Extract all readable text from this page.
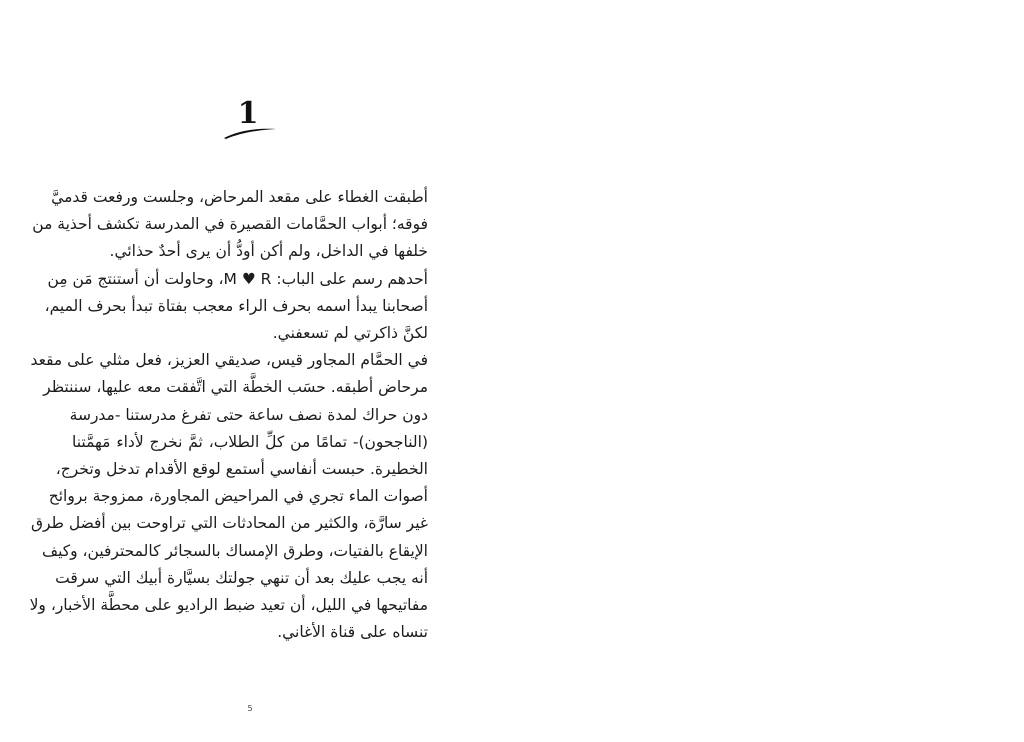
1
أطبقت الغطاء على مقعد المرحاض، وجلست ورفعت قدميَّ
فوقه؛ أبواب الحمَّامات القصيرة في المدرسة تكشف أحذية من
خلفها في الداخل، ولم أكن أودُّ أن يرى أحدٌ حذائي.
أحدهم رسم على الباب: M ♥ R، وحاولت أن أستنتج مَن مِن
أصحابنا يبدأ اسمه بحرف الراء معجب بفتاة تبدأ بحرف الميم،
لكنَّ ذاكرتي لم تسعفني.
في الحمَّام المجاور قيس، صديقي العزيز، فعل مثلي على مقعد
مرحاض أطبقه. حسَب الخطَّة التي اتَّفقت معه عليها، سننتظر
دون حراك لمدة نصف ساعة حتى تفرغ مدرستنا -مدرسة
(الناجحون)- تمامًا من كلِّ الطلاب، ثمَّ نخرج لأداء مَهمَّتنا
الخطيرة. حبست أنفاسي أستمع لوقع الأقدام تدخل وتخرج،
أصوات الماء تجري في المراحيض المجاورة، ممزوجة بروائح
غير سارَّة، والكثير من المحادثات التي تراوحت بين أفضل طرق
الإيقاع بالفتيات، وطرق الإمساك بالسجائر كالمحترفين، وكيف
أنه يجب عليك بعد أن تنهي جولتك بسيَّارة أبيك التي سرقت
مفاتيحها في الليل، أن تعيد ضبط الراديو على محطَّة الأخبار، ولا
تنساه على قناة الأغاني.
5
